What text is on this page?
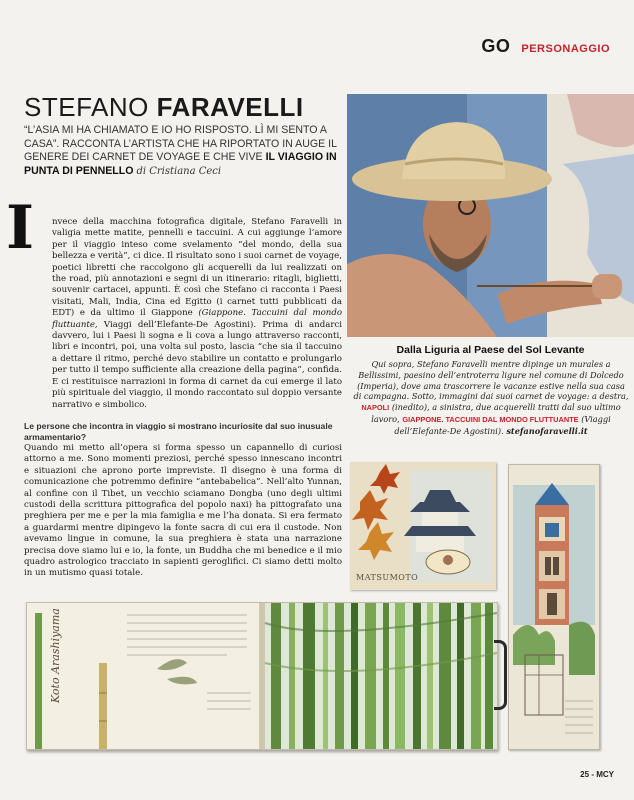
GO PERSONAGGIO
STEFANO FARAVELLI
“L’ASIA MI HA CHIAMATO E IO HO RISPOSTO. LÌ MI SENTO A CASA”. RACCONTA L’ARTISTA CHE HA RIPORTATO IN AUGE IL GENERE DEI CARNET DE VOYAGE E CHE VIVE IL VIAGGIO IN PUNTA DI PENNELLO di Cristiana Ceci
I nvece della macchina fotografica digitale, Stefano Faravelli in valigia mette matite, pennelli e taccuini. A cui aggiunge l’amore per il viaggio inteso come svelamento “del mondo, della sua bellezza e verità”, ci dice. Il risultato sono i suoi carnet de voyage, poetici libretti che raccolgono gli acquerelli da lui realizzati on the road, più annotazioni e segni di un itinerario: ritagli, biglietti, souvenir cartacei, appunti. È così che Stefano ci racconta i Paesi visitati, Mali, India, Cina ed Egitto (i carnet tutti pubblicati da EDT) e da ultimo il Giappone (Giappone. Taccuini dal mondo fluttuante, Viaggi dell’Elefante-De Agostini). Prima di andarci davvero, lui i Paesi li sogna e li cova a lungo attraverso racconti, libri e incontri, poi, una volta sul posto, lascia “che sia il taccuino a dettare il ritmo, perché devo stabilire un contatto e prolungarlo per tutto il tempo sufficiente alla creazione della pagina”, confida. E ci restituisce narrazioni in forma di carnet da cui emerge il lato più spirituale del viaggio, il mondo raccontato sul doppio versante narrativo e simbolico.
Le persone che incontra in viaggio si mostrano incuriosite dal suo inusuale armamentario?
Quando mi metto all’opera si forma spesso un capannello di curiosi attorno a me. Sono momenti preziosi, perché spesso innescano incontri e situazioni che aprono porte impreviste. Il disegno è una forma di comunicazione che potremmo definire “antebabelica”. Nell’alto Yunnan, al confine con il Tibet, un vecchio sciamano Dongba (uno degli ultimi custodi della scrittura pittografica del popolo naxi) ha pittografato una preghiera per me e per la mia famiglia e me l’ha donata. Si era fermato a guardarmi mentre dipingevo la fonte sacra di cui era il custode. Non avevamo lingue in comune, la sua preghiera è stata una narrazione precisa dove siamo lui e io, la fonte, un Buddha che mi benedice e il mio quadro astrologico tracciato in sapienti geroglifici. Ci siamo detti molto in un mutismo quasi totale.
Dalla Liguria al Paese del Sol Levante
Qui sopra, Stefano Faravelli mentre dipinge un murales a Bellissimi, paesino dell’entroterra ligure nel comune di Dolcedo (Imperia), dove ama trascorrere le vacanze estive nella sua casa di campagna. Sotto, immagini dai suoi carnet de voyage: a destra, NAPOLI (inedito), a sinistra, due acquerelli tratti dal suo ultimo lavoro, GIAPPONE. TACCUINI DAL MONDO FLUTTUANTE (Viaggi dell’Elefante-De Agostini). stefanofaravelli.it
MATSUMOTO
Koto Arashiyama
25 - MCY
